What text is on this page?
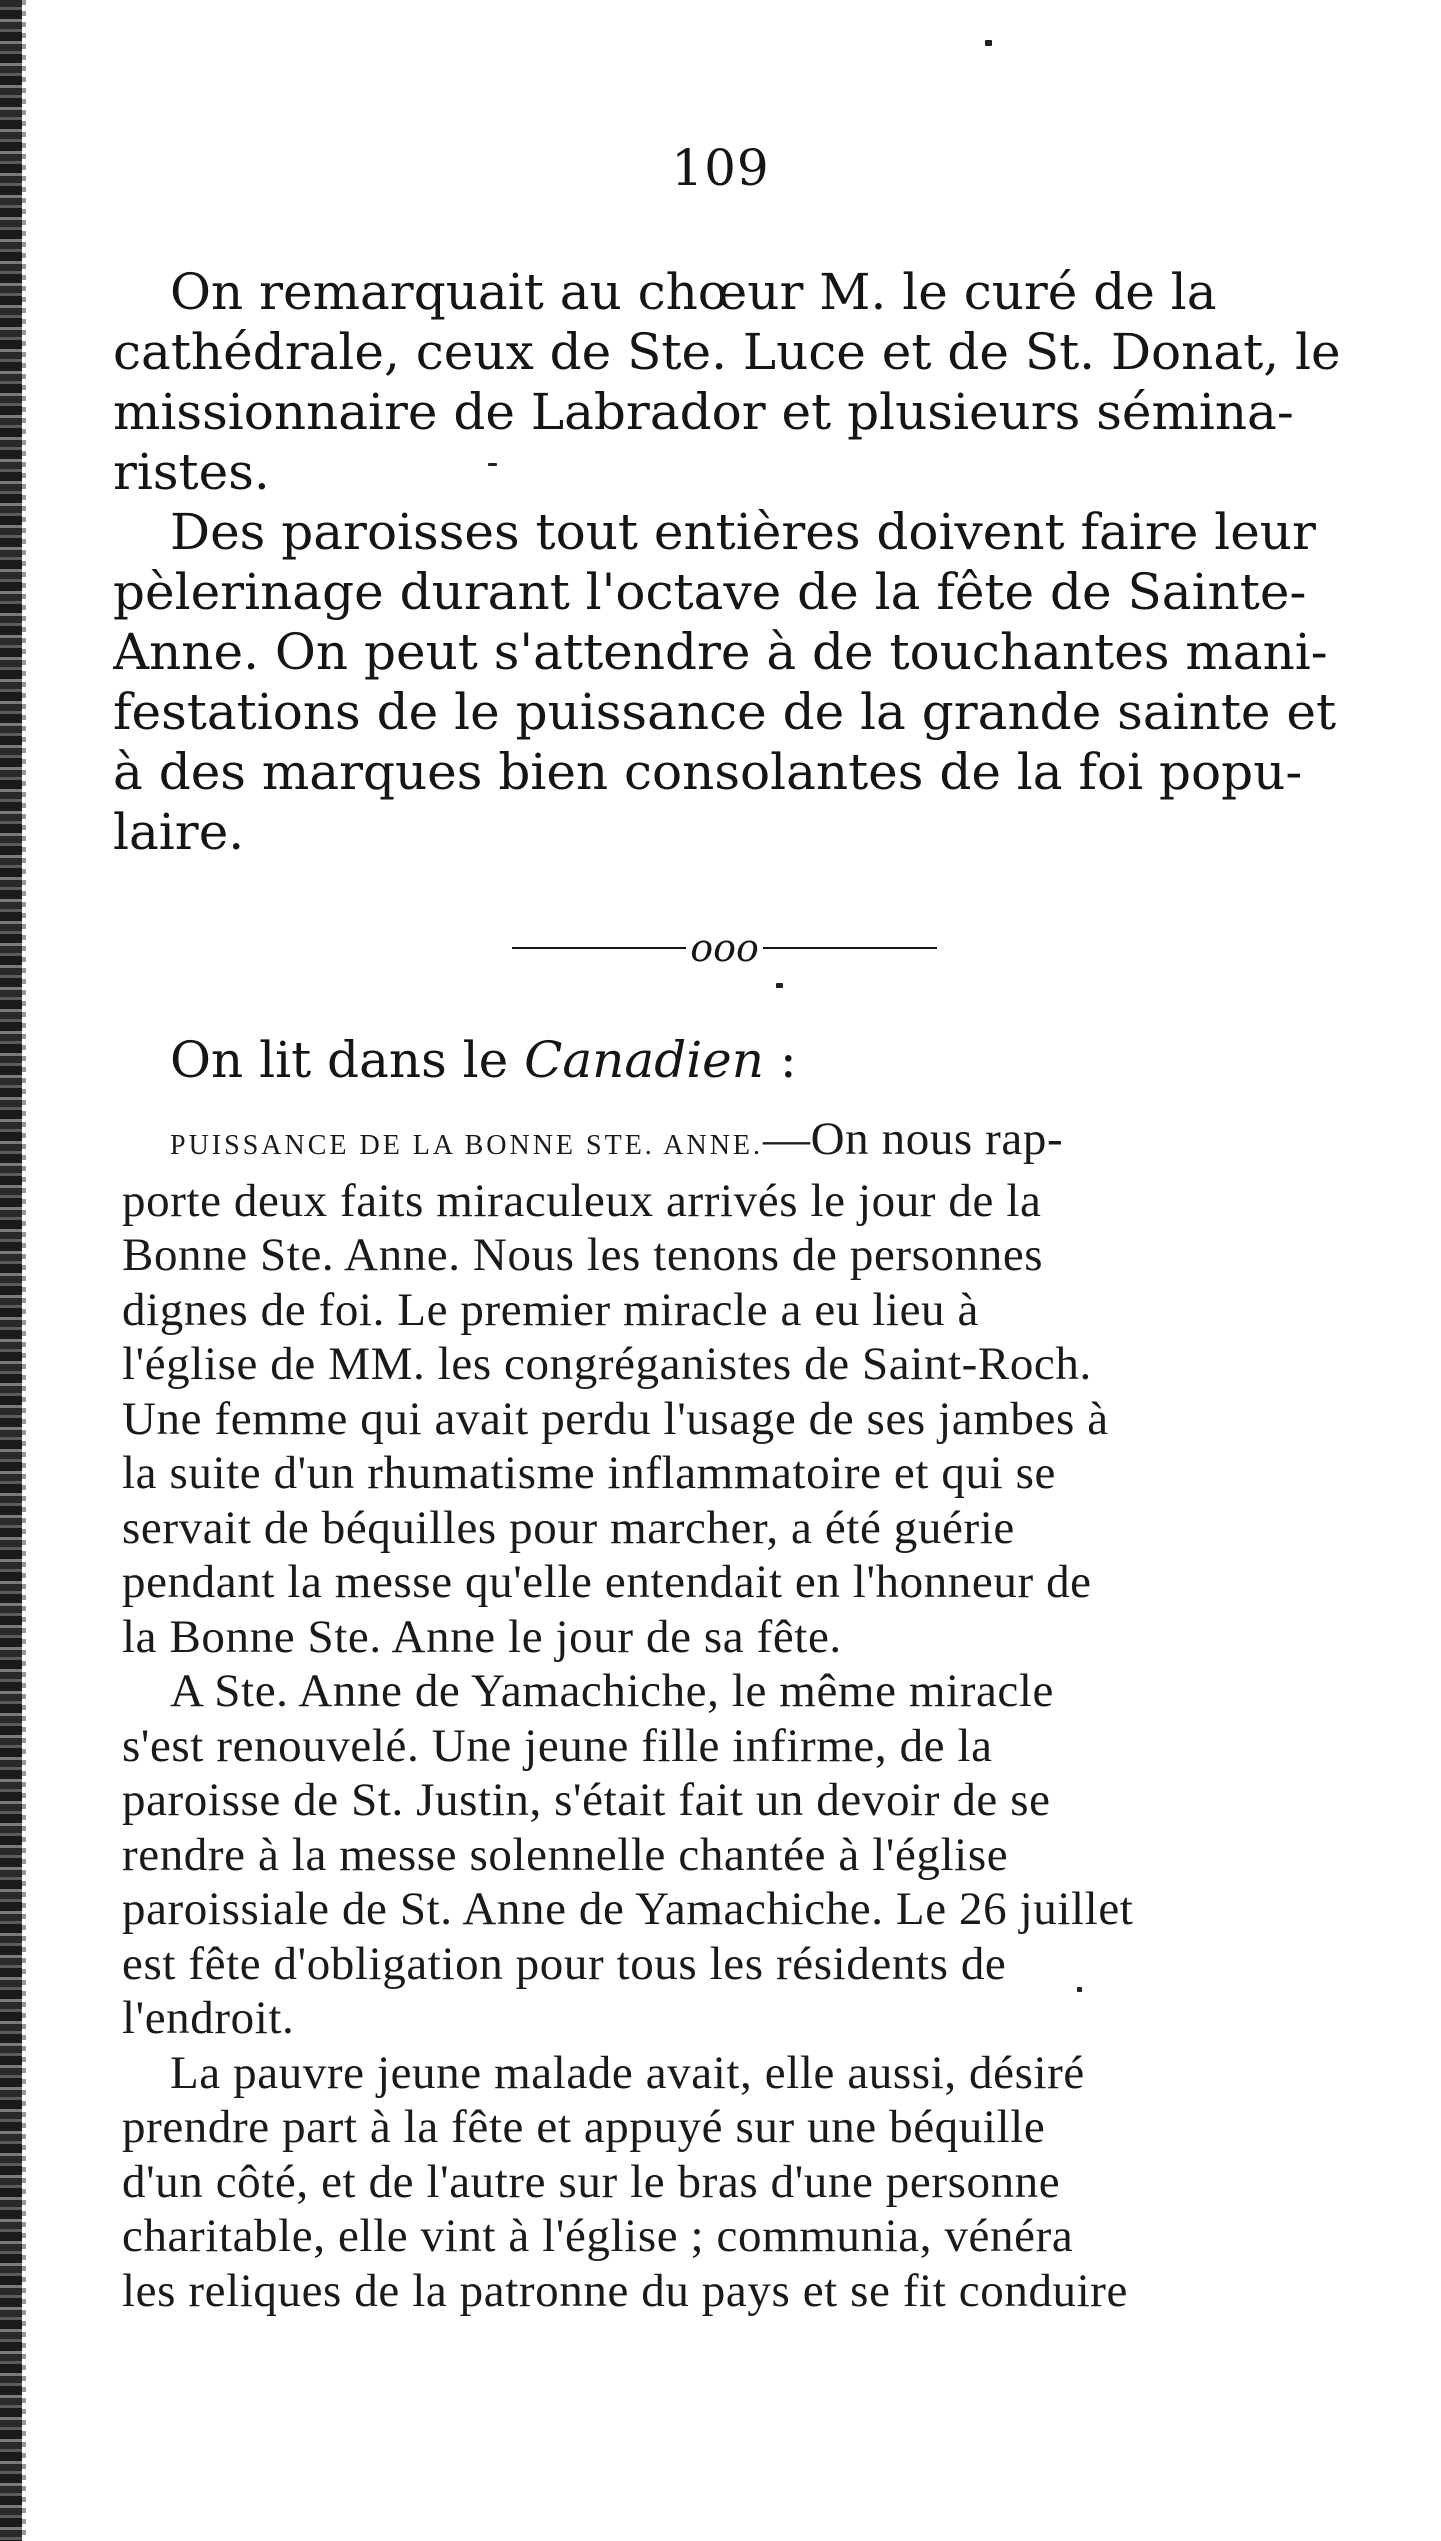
109
On remarquait au chœur M. le curé de la
cathédrale, ceux de Ste. Luce et de St. Donat, le
missionnaire de Labrador et plusieurs sémina-
ristes.
Des paroisses tout entières doivent faire leur
pèlerinage durant l'octave de la fête de Sainte-
Anne. On peut s'attendre à de touchantes mani-
festations de le puissance de la grande sainte et
à des marques bien consolantes de la foi popu-
laire.
ooo
On lit dans le Canadien :
PUISSANCE DE LA BONNE STE. ANNE.—On nous rap-
porte deux faits miraculeux arrivés le jour de la
Bonne Ste. Anne. Nous les tenons de personnes
dignes de foi. Le premier miracle a eu lieu à
l'église de MM. les congréganistes de Saint-Roch.
Une femme qui avait perdu l'usage de ses jambes à
la suite d'un rhumatisme inflammatoire et qui se
servait de béquilles pour marcher, a été guérie
pendant la messe qu'elle entendait en l'honneur de
la Bonne Ste. Anne le jour de sa fête.
A Ste. Anne de Yamachiche, le même miracle
s'est renouvelé. Une jeune fille infirme, de la
paroisse de St. Justin, s'était fait un devoir de se
rendre à la messe solennelle chantée à l'église
paroissiale de St. Anne de Yamachiche. Le 26 juillet
est fête d'obligation pour tous les résidents de
l'endroit.
La pauvre jeune malade avait, elle aussi, désiré
prendre part à la fête et appuyé sur une béquille
d'un côté, et de l'autre sur le bras d'une personne
charitable, elle vint à l'église ; communia, vénéra
les reliques de la patronne du pays et se fit conduire
